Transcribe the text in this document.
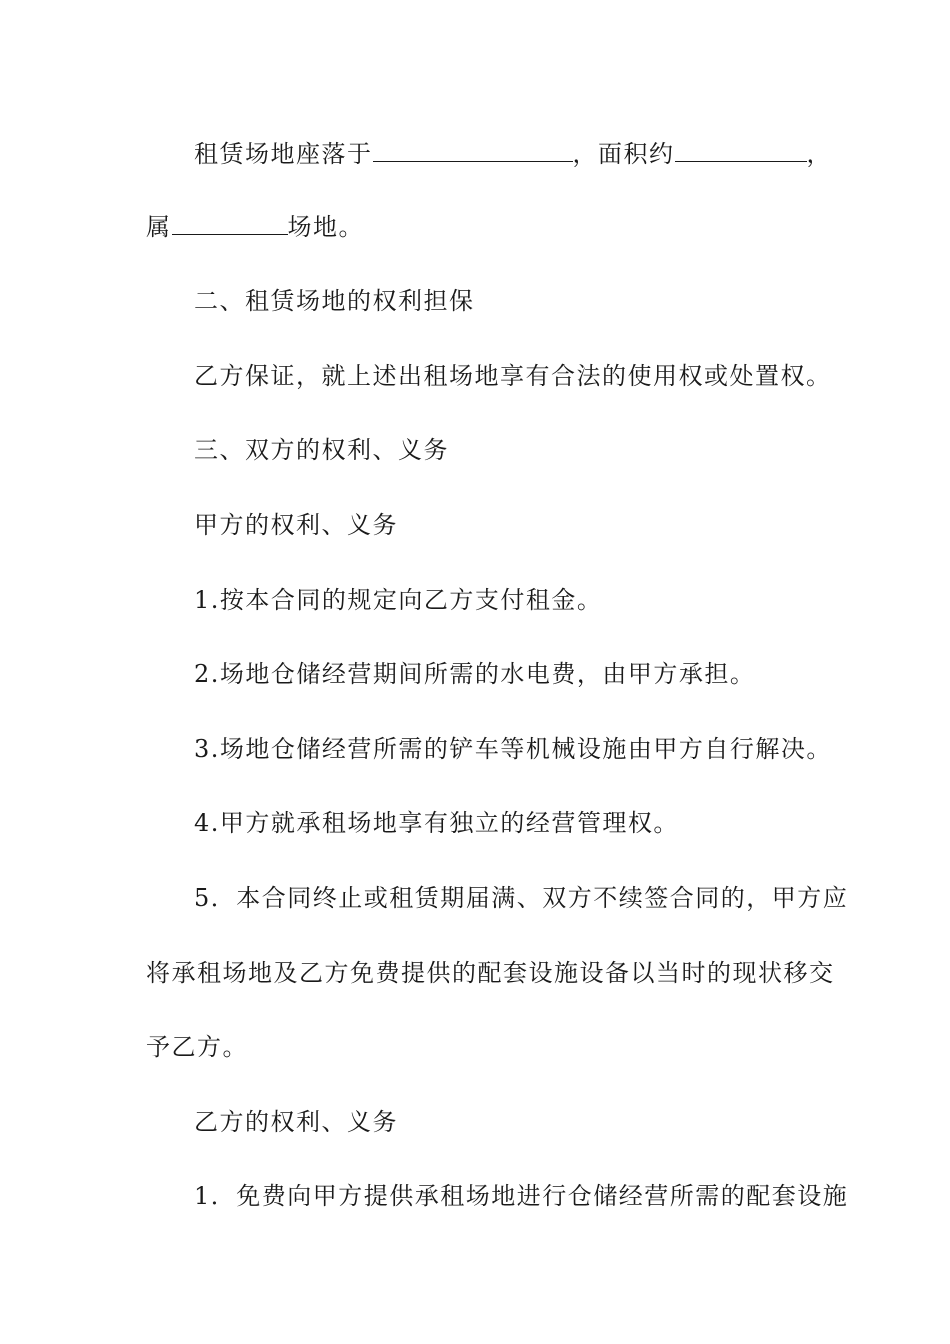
租赁场地座落于	，面积约	，
属	场地。
二、租赁场地的权利担保
乙方保证，就上述出租场地享有合法的使用权或处置权。
三、双方的权利、义务
甲方的权利、义务
1.按本合同的规定向乙方支付租金。
2.场地仓储经营期间所需的水电费，由甲方承担。
3.场地仓储经营所需的铲车等机械设施由甲方自行解决。
4.甲方就承租场地享有独立的经营管理权。
5．本合同终止或租赁期届满、双方不续签合同的，甲方应
将承租场地及乙方免费提供的配套设施设备以当时的现状移交
予乙方。
乙方的权利、义务
1．免费向甲方提供承租场地进行仓储经营所需的配套设施
